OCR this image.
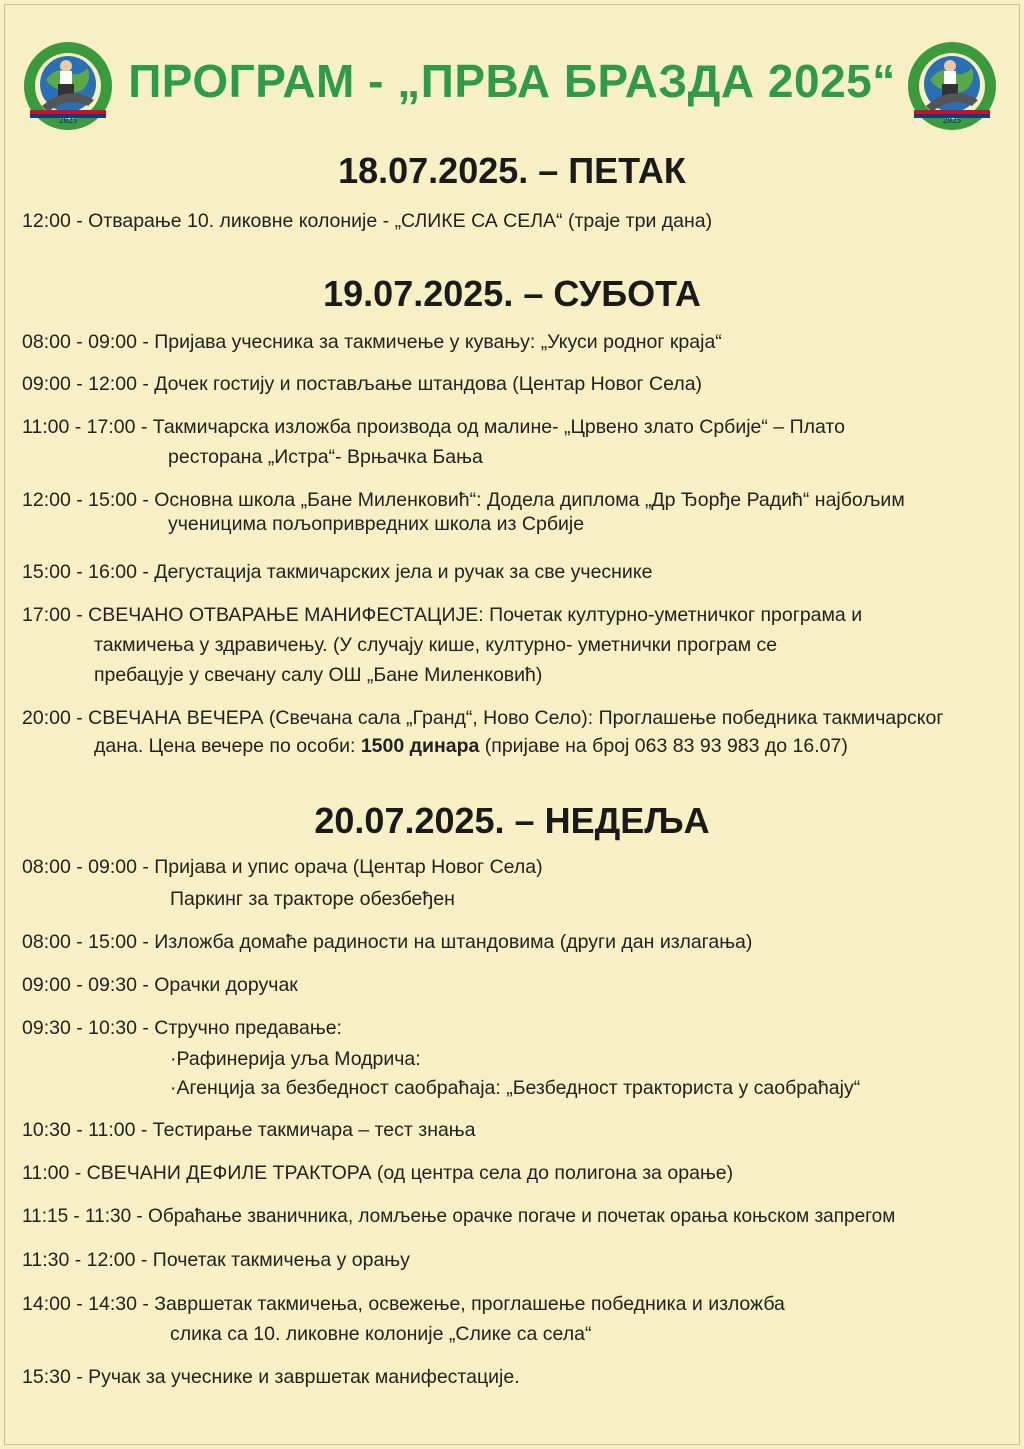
2025	2025
ПРОГРАМ - „ПРВА БРАЗДА 2025“
18.07.2025. – ПЕТАК
12:00 - Отварање 10. ликовне колоније - „СЛИКЕ СА СЕЛА“ (траје три дана)
19.07.2025. – СУБОТА
08:00 - 09:00 - Пријава учесника за такмичење у кувању: „Укуси родног краја“
09:00 - 12:00 - Дочек гостију и постављање штандова (Центар Новог Села)
11:00 - 17:00 - Такмичарска изложба производа од малине- „Црвено злато Србије“ – Плато
ресторана „Истра“- Врњачка Бања
12:00 - 15:00 - Основна школа „Бане Миленковић“: Додела диплома „Др Ђорђе Радић“ најбољим
ученицима пољопривредних школа из Србије
15:00 - 16:00 - Дегустација такмичарских јела и ручак за све учеснике
17:00 - СВЕЧАНО ОТВАРАЊЕ МАНИФЕСТАЦИЈЕ: Почетак културно-уметничког програма и
такмичења у здравичењу. (У случају кише, културно- уметнички програм се
пребацује у свечану салу ОШ „Бане Миленковић)
20:00 - СВЕЧАНА ВЕЧЕРА (Свечана сала „Гранд“, Ново Село): Проглашење победника такмичарског
дана. Цена вечере по особи: 1500 динара (пријаве на број 063 83 93 983 до 16.07)
20.07.2025. – НЕДЕЉА
08:00 - 09:00 - Пријава и упис орача (Центар Новог Села)
Паркинг за тракторе обезбеђен
08:00 - 15:00 - Изложба домаће радиности на штандовима (други дан излагања)
09:00 - 09:30 - Орачки доручак
09:30 - 10:30 - Стручно предавање:
·Рафинерија уља Модрича:
·Агенција за безбедност саобраћаја: „Безбедност тракториста у саобраћају“
10:30 - 11:00 - Тестирање такмичара – тест знања
11:00 - СВЕЧАНИ ДЕФИЛЕ ТРАКТОРА (од центра села до полигона за орање)
11:15 - 11:30 - Обраћање званичника, ломљење орачке погаче и почетак орања коњском запрегом
11:30 - 12:00 - Почетак такмичења у орању
14:00 - 14:30 - Завршетак такмичења, освежење, проглашење победника и изложба
слика са 10. ликовне колоније „Слике са села“
15:30 - Ручак за учеснике и завршетак манифестације.
